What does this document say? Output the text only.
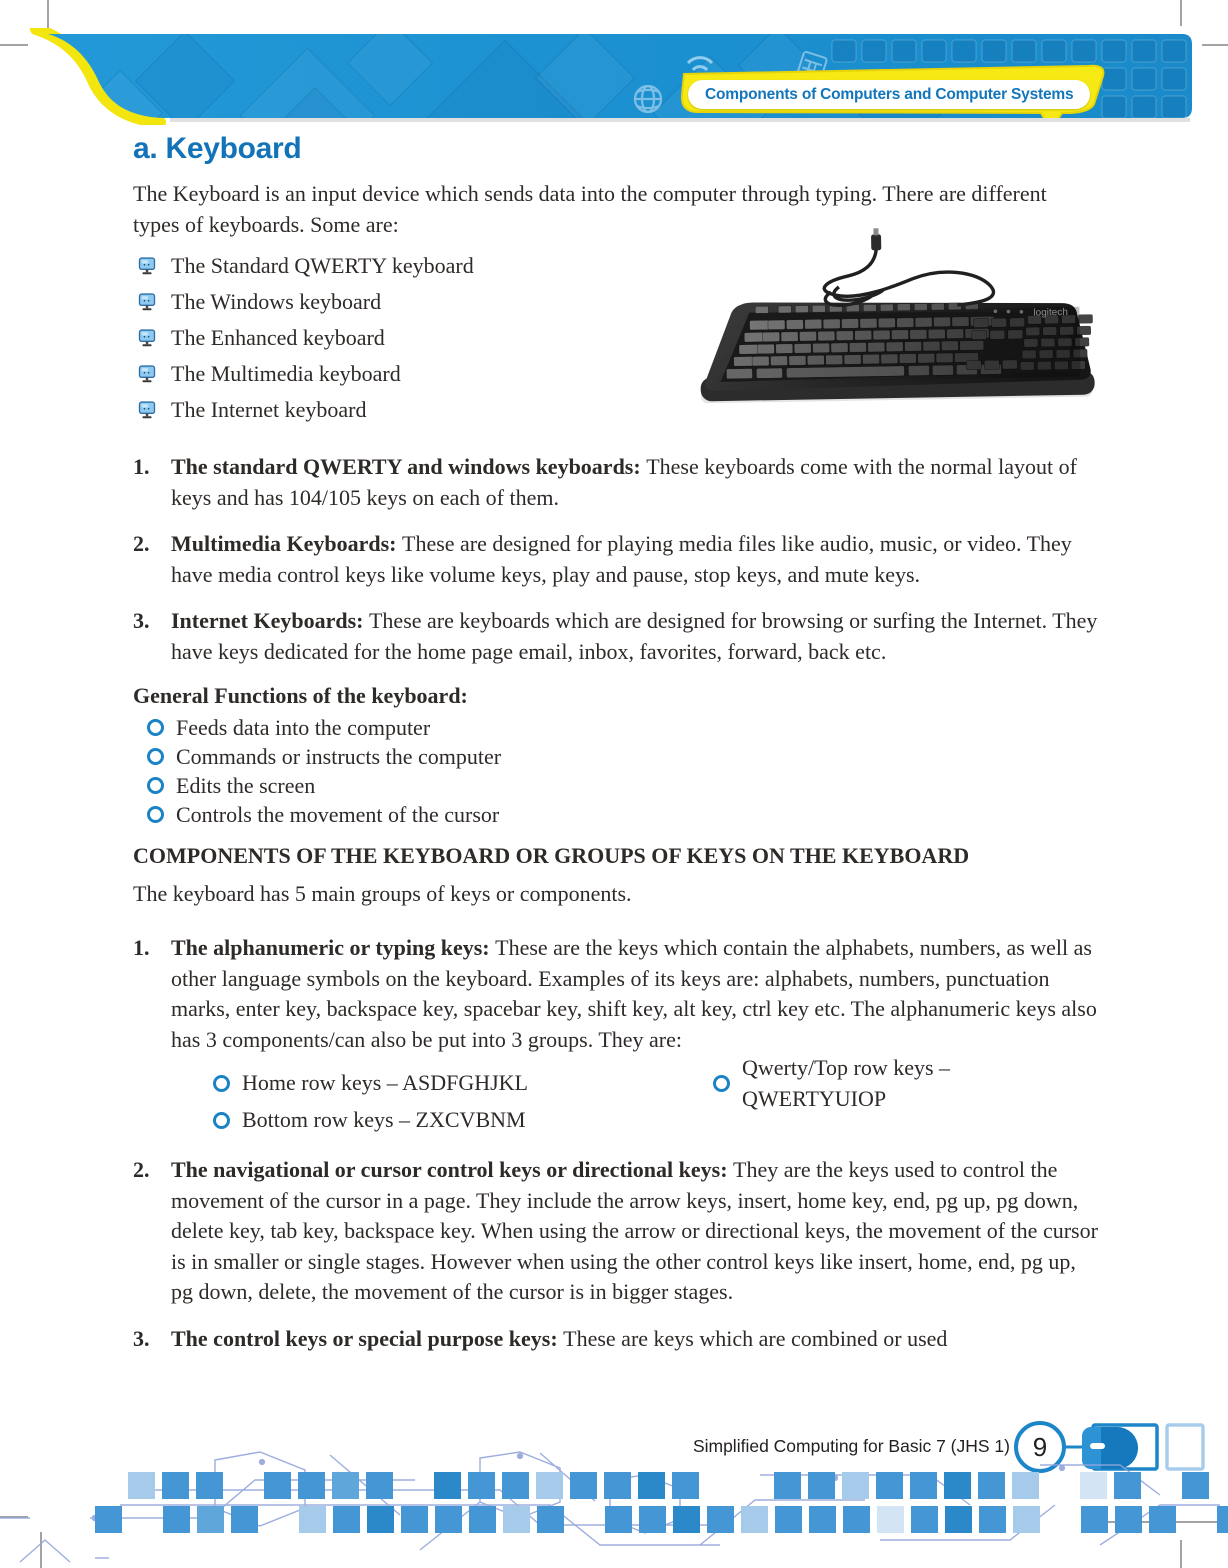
Components of Computers and Computer Systems
logitech
a. Keyboard

The Keyboard is an input device which sends data into the computer through typing. There are different types of keyboards. Some are:

The Standard QWERTY keyboard
The Windows keyboard
The Enhanced keyboard
The Multimedia keyboard
The Internet keyboard
1. The standard QWERTY and windows keyboards: These keyboards come with the normal layout of keys and has 104/105 keys on each of them.
2. Multimedia Keyboards: These are designed for playing media files like audio, music, or video. They have media control keys like volume keys, play and pause, stop keys, and mute keys.
3. Internet Keyboards: These are keyboards which are designed for browsing or surfing the Internet. They have keys dedicated for the home page email, inbox, favorites, forward, back etc.
General Functions of the keyboard:
Feeds data into the computer
Commands or instructs the computer
Edits the screen
Controls the movement of the cursor
COMPONENTS OF THE KEYBOARD OR GROUPS OF KEYS ON THE KEYBOARD

The keyboard has 5 main groups of keys or components.

1. The alphanumeric or typing keys: These are the keys which contain the alphabets, numbers, as well as other language symbols on the keyboard. Examples of its keys are: alphabets, numbers, punctuation marks, enter key, backspace key, spacebar key, shift key, alt key, ctrl key etc. The alphanumeric keys also has 3 components/can also be put into 3 groups. They are:
Home row keys – ASDFGHJKL
Bottom row keys – ZXCVBNM
Qwerty/Top row keys – QWERTYUIOP
2. The navigational or cursor control keys or directional keys: They are the keys used to control the movement of the cursor in a page. They include the arrow keys, insert, home key, end, pg up, pg down, delete key, tab key, backspace key. When using the arrow or directional keys, the movement of the cursor is in smaller or single stages. However when using the other control keys like insert, home, end, pg up, pg down, delete, the movement of the cursor is in bigger stages.
3. The control keys or special purpose keys: These are keys which are combined or used
Simplified Computing for Basic 7 (JHS 1) 9
